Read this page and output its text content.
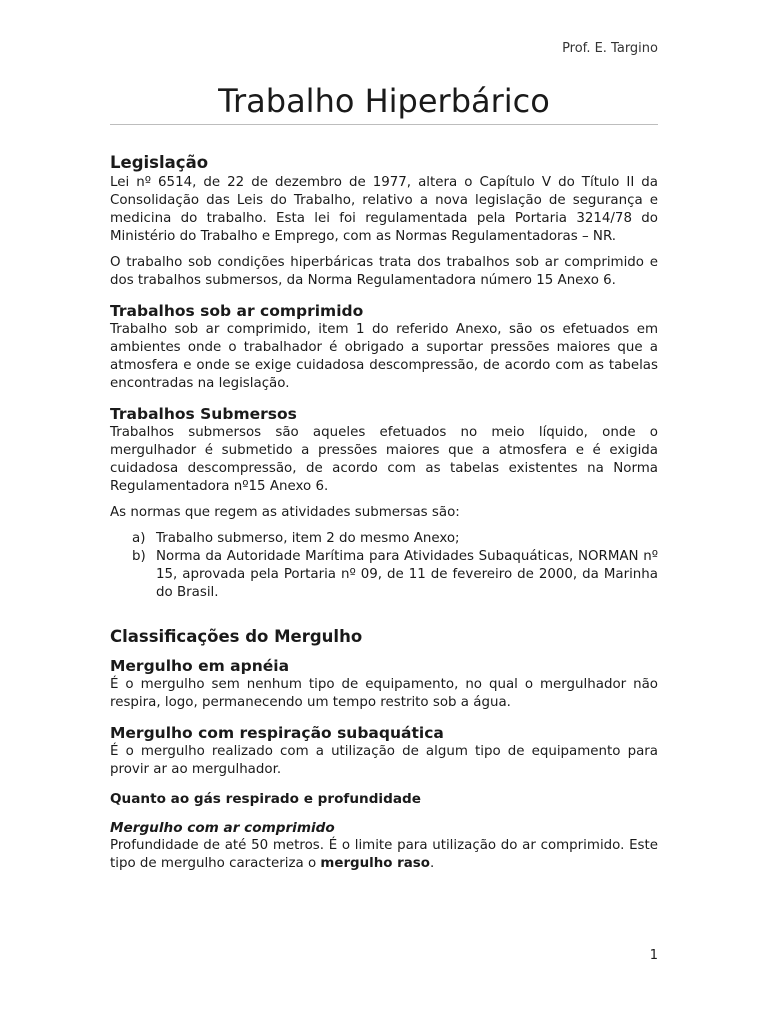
Prof. E. Targino
Trabalho Hiperbárico
Legislação

Lei nº 6514, de 22 de dezembro de 1977, altera o Capítulo V do Título II da Consolidação das Leis do Trabalho, relativo a nova legislação de segurança e medicina do trabalho. Esta lei foi regulamentada pela Portaria 3214/78 do Ministério do Trabalho e Emprego, com as Normas Regulamentadoras – NR.

O trabalho sob condições hiperbáricas trata dos trabalhos sob ar comprimido e dos trabalhos submersos, da Norma Regulamentadora número 15 Anexo 6.

Trabalhos sob ar comprimido

Trabalho sob ar comprimido, item 1 do referido Anexo, são os efetuados em ambientes onde o trabalhador é obrigado a suportar pressões maiores que a atmosfera e onde se exige cuidadosa descompressão, de acordo com as tabelas encontradas na legislação.

Trabalhos Submersos

Trabalhos submersos são aqueles efetuados no meio líquido, onde o mergulhador é submetido a pressões maiores que a atmosfera e é exigida cuidadosa descompressão, de acordo com as tabelas existentes na Norma Regulamentadora nº15 Anexo 6.

As normas que regem as atividades submersas são:

a) Trabalho submerso, item 2 do mesmo Anexo;
b) Norma da Autoridade Marítima para Atividades Subaquáticas, NORMAN nº 15, aprovada pela Portaria nº 09, de 11 de fevereiro de 2000, da Marinha do Brasil.
Classificações do Mergulho
Mergulho em apnéia

É o mergulho sem nenhum tipo de equipamento, no qual o mergulhador não respira, logo, permanecendo um tempo restrito sob a água.

Mergulho com respiração subaquática

É o mergulho realizado com a utilização de algum tipo de equipamento para provir ar ao mergulhador.

Quanto ao gás respirado e profundidade
Mergulho com ar comprimido

Profundidade de até 50 metros. É o limite para utilização do ar comprimido. Este tipo de mergulho caracteriza o mergulho raso.

1
